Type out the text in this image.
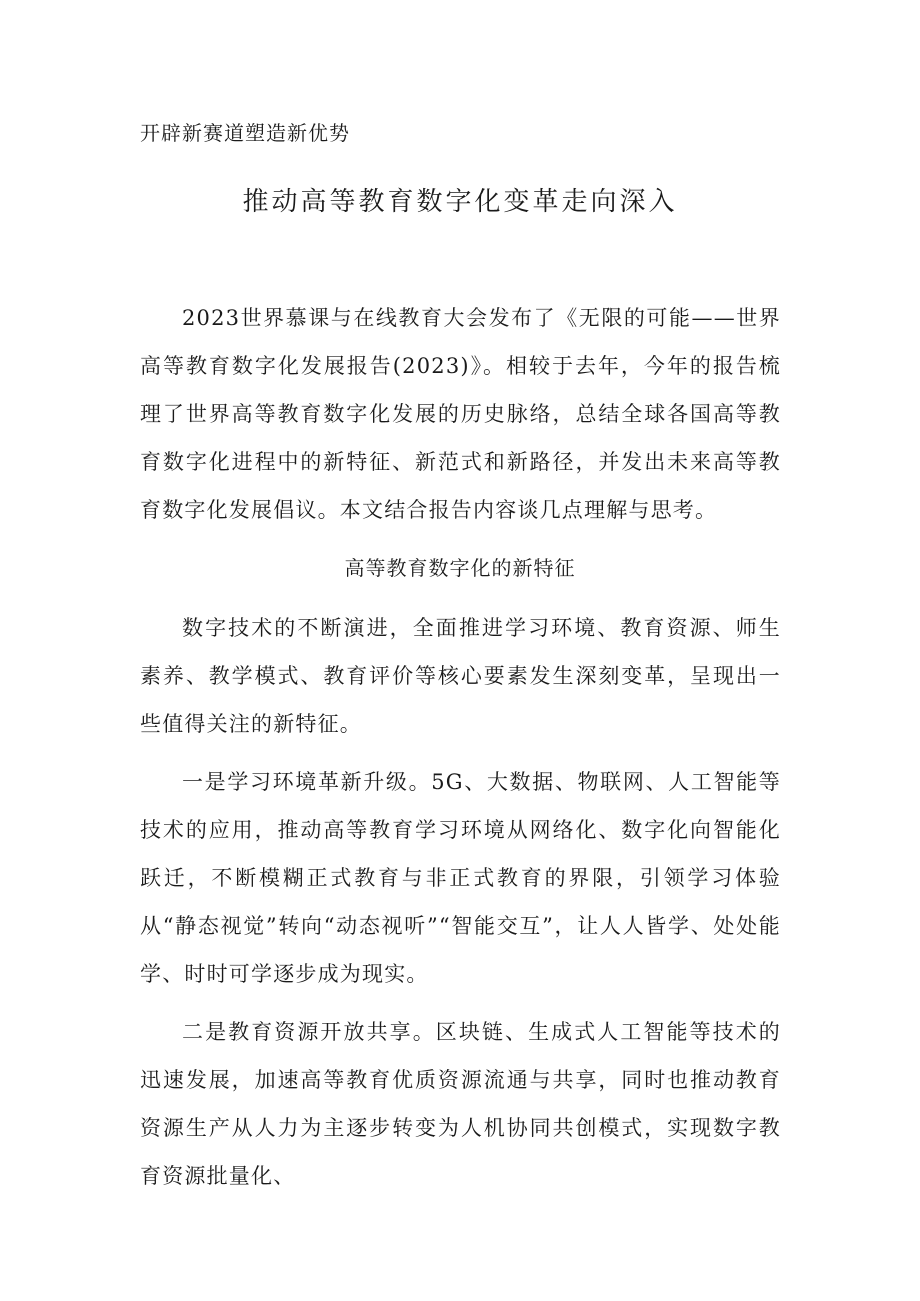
开辟新赛道塑造新优势
推动高等教育数字化变革走向深入

2023世界慕课与在线教育大会发布了《无限的可能——世界高等教育数字化发展报告(2023)》。相较于去年，今年的报告梳理了世界高等教育数字化发展的历史脉络，总结全球各国高等教育数字化进程中的新特征、新范式和新路径，并发出未来高等教育数字化发展倡议。本文结合报告内容谈几点理解与思考。

高等教育数字化的新特征

数字技术的不断演进，全面推进学习环境、教育资源、师生素养、教学模式、教育评价等核心要素发生深刻变革，呈现出一些值得关注的新特征。

一是学习环境革新升级。5G、大数据、物联网、人工智能等技术的应用，推动高等教育学习环境从网络化、数字化向智能化跃迁，不断模糊正式教育与非正式教育的界限，引领学习体验从“静态视觉”转向“动态视听”“智能交互”，让人人皆学、处处能学、时时可学逐步成为现实。

二是教育资源开放共享。区块链、生成式人工智能等技术的迅速发展，加速高等教育优质资源流通与共享，同时也推动教育资源生产从人力为主逐步转变为人机协同共创模式，实现数字教育资源批量化、
